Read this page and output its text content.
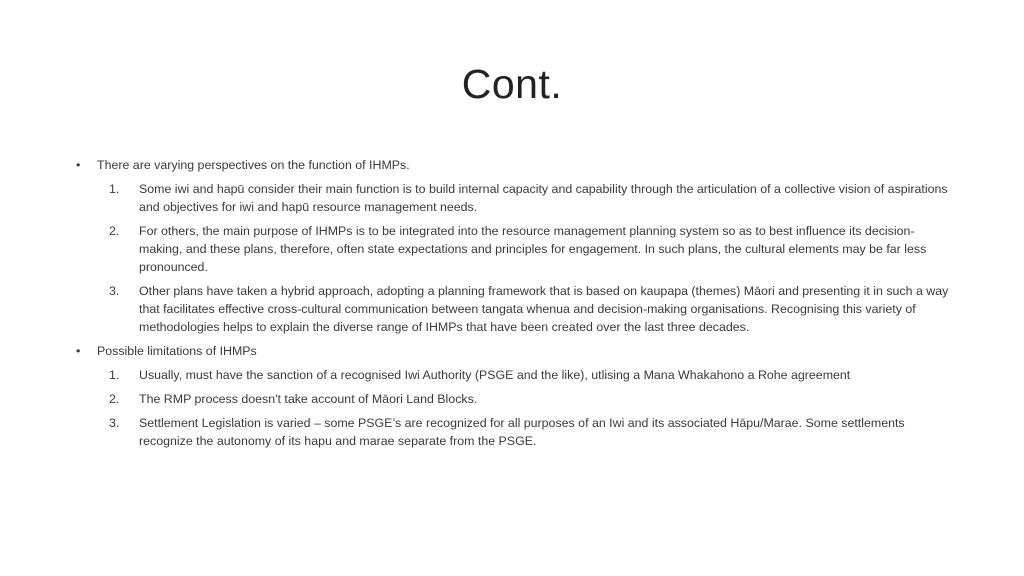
Cont.
• There are varying perspectives on the function of IHMPs.
1. Some iwi and hapū consider their main function is to build internal capacity and capability through the articulation of a collective vision of aspirations and objectives for iwi and hapū resource management needs.
2. For others, the main purpose of IHMPs is to be integrated into the resource management planning system so as to best influence its decision-making, and these plans, therefore, often state expectations and principles for engagement. In such plans, the cultural elements may be far less pronounced.
3. Other plans have taken a hybrid approach, adopting a planning framework that is based on kaupapa (themes) Māori and presenting it in such a way that facilitates effective cross-cultural communication between tangata whenua and decision-making organisations. Recognising this variety of methodologies helps to explain the diverse range of IHMPs that have been created over the last three decades.
• Possible limitations of IHMPs
1. Usually, must have the sanction of a recognised Iwi Authority (PSGE and the like), utlising a Mana Whakahono a Rohe agreement
2. The RMP process doesn't take account of Māori Land Blocks.
3. Settlement Legislation is varied – some PSGE’s are recognized for all purposes of an Iwi and its associated Hāpu/Marae. Some settlements recognize the autonomy of its hapu and marae separate from the PSGE.
